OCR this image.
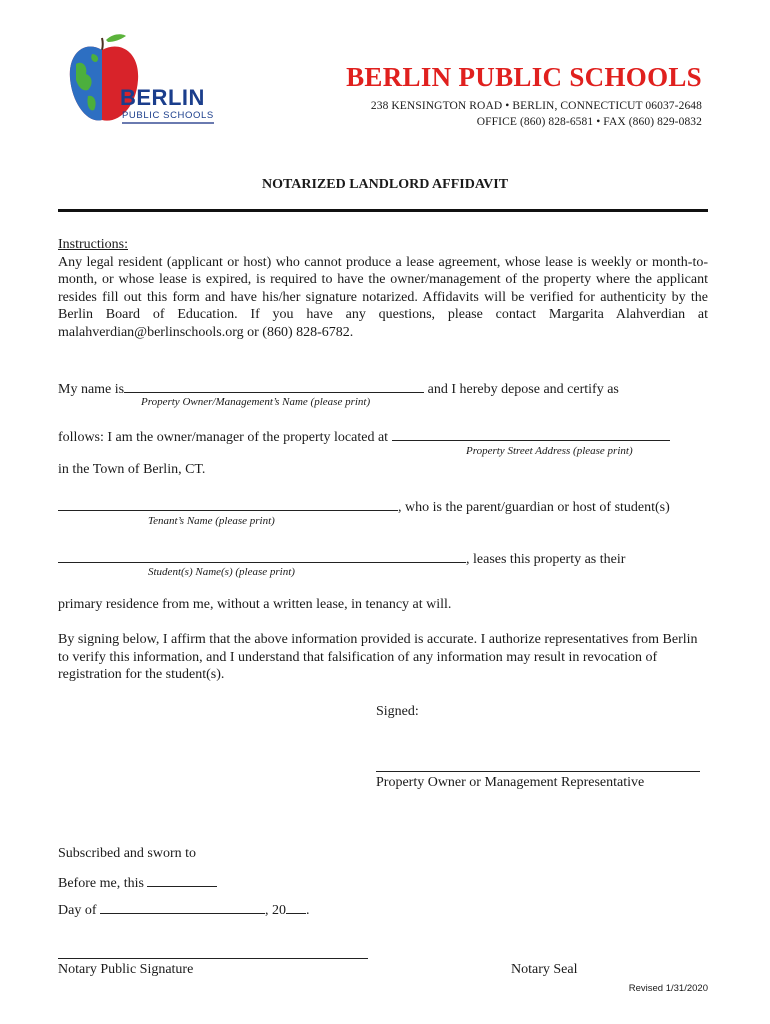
BERLIN
PUBLIC SCHOOLS
BERLIN PUBLIC SCHOOLS
238 KENSINGTON ROAD • BERLIN, CONNECTICUT 06037-2648
OFFICE (860) 828-6581 • FAX (860) 829-0832
NOTARIZED LANDLORD AFFIDAVIT
Instructions:
Any legal resident (applicant or host) who cannot produce a lease agreement, whose lease is weekly or month-to-month, or whose lease is expired, is required to have the owner/management of the property where the applicant resides fill out this form and have his/her signature notarized. Affidavits will be verified for authenticity by the Berlin Board of Education. If you have any questions, please contact Margarita Alahverdian at malahverdian@berlinschools.org or (860) 828-6782.
My name is	and I hereby depose and certify as
Property Owner/Management’s Name (please print)
follows: I am the owner/manager of the property located at
Property Street Address (please print)
in the Town of Berlin, CT.
, who is the parent/guardian or host of student(s)
Tenant’s Name (please print)
, leases this property as their
Student(s) Name(s) (please print)
primary residence from me, without a written lease, in tenancy at will.
By signing below, I affirm that the above information provided is accurate. I authorize representatives from Berlin to verify this information, and I understand that falsification of any information may result in revocation of registration for the student(s).
Signed:
Property Owner or Management Representative
Subscribed and sworn to
Before me, this
Day of	, 20 .
Notary Public Signature	Notary Seal
Revised 1/31/2020
